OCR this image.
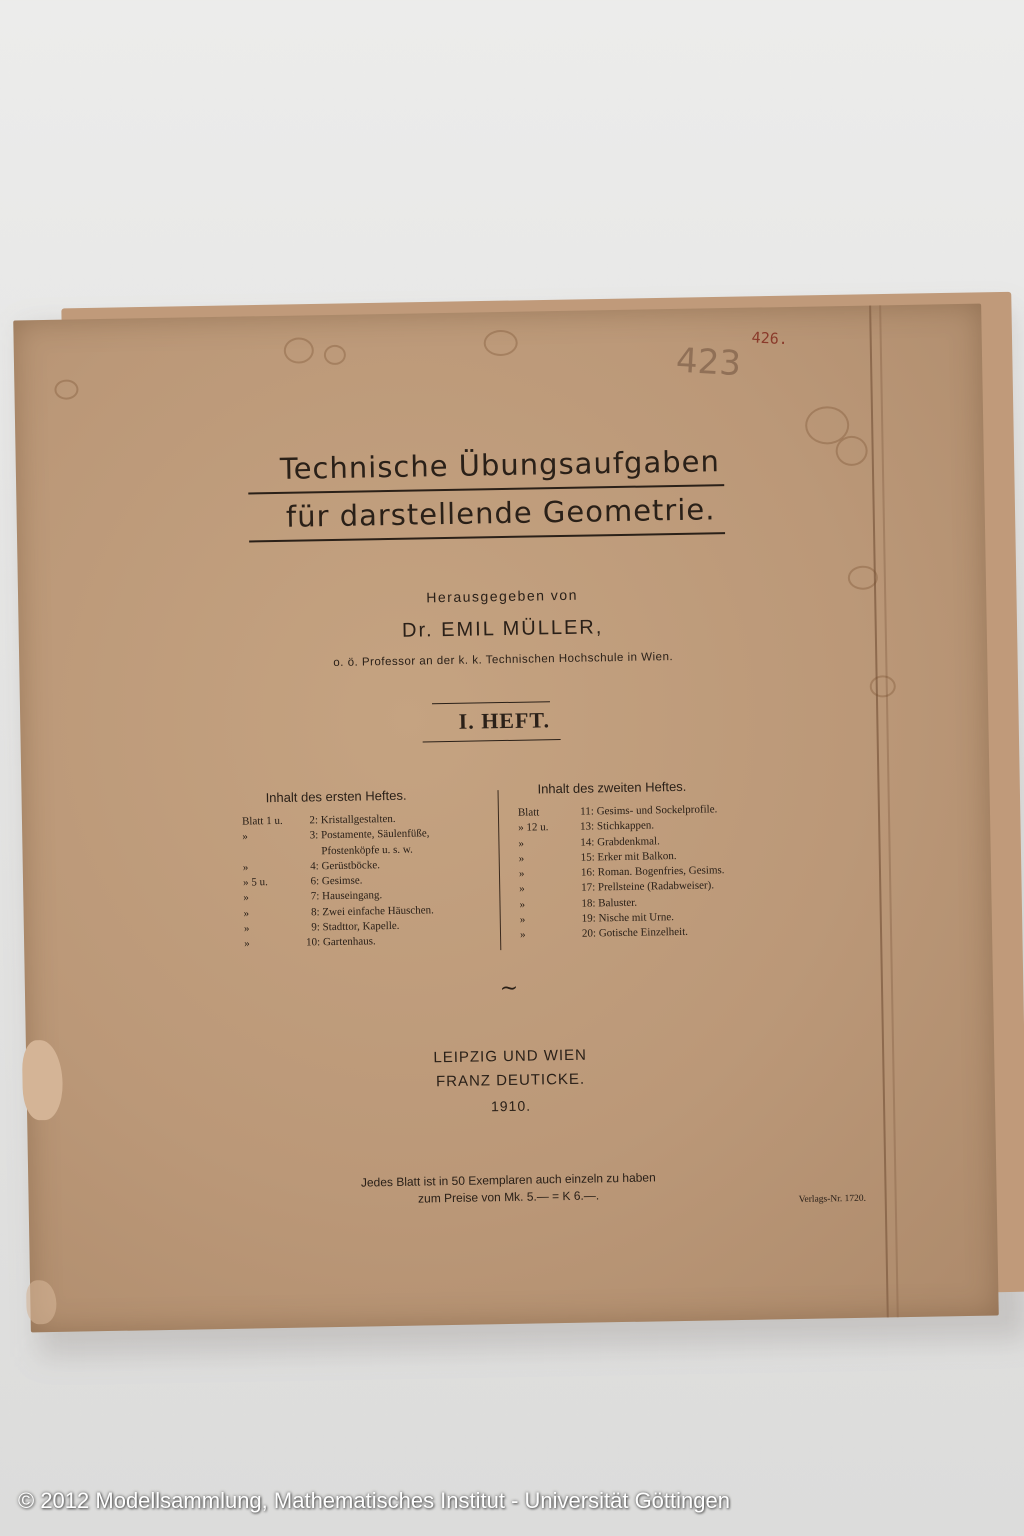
423
426.
Technische Übungsaufgaben
für darstellende Geometrie.
Herausgegeben von
Dr. EMIL MÜLLER,
o. ö. Professor an der k. k. Technischen Hochschule in Wien.
I. HEFT.
Inhalt des ersten Heftes.
Blatt 1 u. 2: Kristallgestalten.
»	3: Postamente, Säulenfüße,
Pfostenköpfe u. s. w.
»	4: Gerüstböcke.
» 5 u.	6: Gesimse.
»	7: Hauseingang.
»	8: Zwei einfache Häuschen.
»	9: Stadttor, Kapelle.
»	10: Gartenhaus.
Inhalt des zweiten Heftes.
Blatt	11: Gesims- und Sockelprofile.
» 12 u.	13: Stichkappen.
»	14: Grabdenkmal.
»	15: Erker mit Balkon.
»	16: Roman. Bogenfries, Gesims.
»	17: Prellsteine (Radabweiser).
»	18: Baluster.
»	19: Nische mit Urne.
»	20: Gotische Einzelheit.
~
LEIPZIG UND WIEN
FRANZ DEUTICKE.
1910.
Jedes Blatt ist in 50 Exemplaren auch einzeln zu haben
zum Preise von Mk. 5.— = K 6.—.	Verlags-Nr. 1720.
© 2012 Modellsammlung, Mathematisches Institut - Universität Göttingen
